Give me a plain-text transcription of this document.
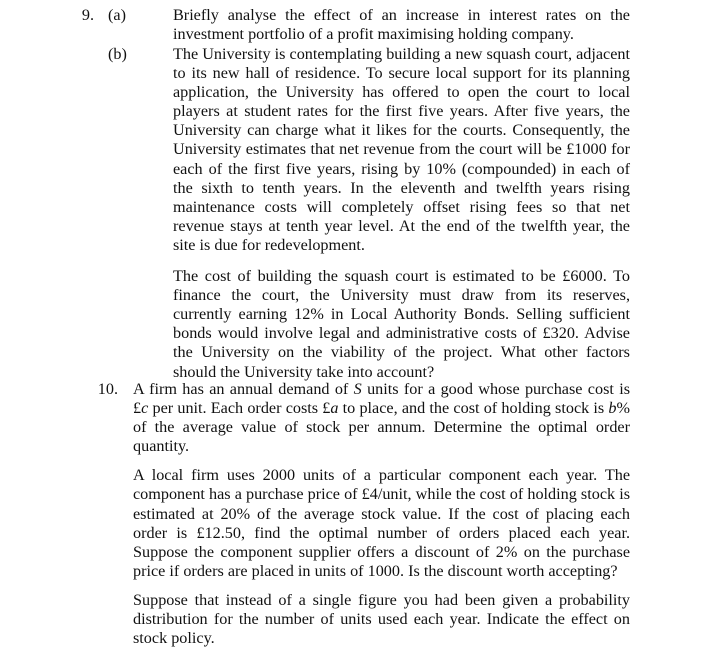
9. (a)	Briefly analyse the effect of an increase in interest rates on the investment portfolio of a profit maximising holding company.

(b)	The University is contemplating building a new squash court, adjacent to its new hall of residence. To secure local support for its planning application, the University has offered to open the court to local players at student rates for the first five years. After five years, the University can charge what it likes for the courts. Consequently, the University estimates that net revenue from the court will be £1000 for each of the first five years, rising by 10% (compounded) in each of the sixth to tenth years. In the eleventh and twelfth years rising maintenance costs will completely offset rising fees so that net revenue stays at tenth year level. At the end of the twelfth year, the site is due for redevelopment.

The cost of building the squash court is estimated to be £6000. To finance the court, the University must draw from its reserves, currently earning 12% in Local Authority Bonds. Selling sufficient bonds would involve legal and administrative costs of £320. Advise the University on the viability of the project. What other factors should the University take into account?

10. A firm has an annual demand of S units for a good whose purchase cost is £c per unit. Each order costs £a to place, and the cost of holding stock is b% of the average value of stock per annum. Determine the optimal order quantity.

A local firm uses 2000 units of a particular component each year. The component has a purchase price of £4/unit, while the cost of holding stock is estimated at 20% of the average stock value. If the cost of placing each order is £12.50, find the optimal number of orders placed each year. Suppose the component supplier offers a discount of 2% on the purchase price if orders are placed in units of 1000. Is the discount worth accepting?

Suppose that instead of a single figure you had been given a probability distribution for the number of units used each year. Indicate the effect on stock policy.
